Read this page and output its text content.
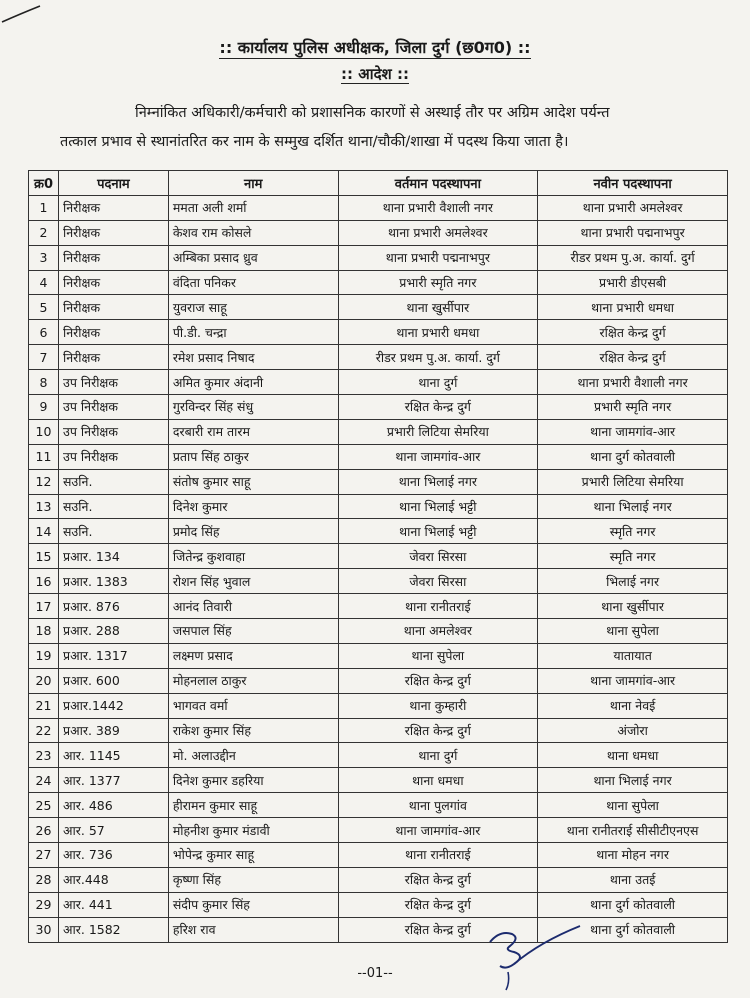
:: कार्यालय पुलिस अधीक्षक, जिला दुर्ग (छ0ग0) ::
:: आदेश ::
निम्नांकित अधिकारी/कर्मचारी को प्रशासनिक कारणों से अस्थाई तौर पर अग्रिम आदेश पर्यन्त
तत्काल प्रभाव से स्थानांतरित कर नाम के सम्मुख दर्शित थाना/चौकी/शाखा में पदस्थ किया जाता है।
क्र0	पदनाम	नाम	वर्तमान पदस्थापना	नवीन पदस्थापना
1	निरीक्षक	ममता अली शर्मा	थाना प्रभारी वैशाली नगर	थाना प्रभारी अमलेश्वर
2	निरीक्षक	केशव राम कोसले	थाना प्रभारी अमलेश्वर	थाना प्रभारी पद्मनाभपुर
3	निरीक्षक	अम्बिका प्रसाद ध्रुव	थाना प्रभारी पद्मनाभपुर	रीडर प्रथम पु.अ. कार्या. दुर्ग
4	निरीक्षक	वंदिता पनिकर	प्रभारी स्मृति नगर	प्रभारी डीएसबी
5	निरीक्षक	युवराज साहू	थाना खुर्सीपार	थाना प्रभारी धमधा
6	निरीक्षक	पी.डी. चन्द्रा	थाना प्रभारी धमधा	रक्षित केन्द्र दुर्ग
7	निरीक्षक	रमेश प्रसाद निषाद	रीडर प्रथम पु.अ. कार्या. दुर्ग	रक्षित केन्द्र दुर्ग
8	उप निरीक्षक	अमित कुमार अंदानी	थाना दुर्ग	थाना प्रभारी वैशाली नगर
9	उप निरीक्षक	गुरविन्दर सिंह संधु	रक्षित केन्द्र दुर्ग	प्रभारी स्मृति नगर
10	उप निरीक्षक	दरबारी राम तारम	प्रभारी लिटिया सेमरिया	थाना जामगांव-आर
11	उप निरीक्षक	प्रताप सिंह ठाकुर	थाना जामगांव-आर	थाना दुर्ग कोतवाली
12	सउनि.	संतोष कुमार साहू	थाना भिलाई नगर	प्रभारी लिटिया सेमरिया
13	सउनि.	दिनेश कुमार	थाना भिलाई भट्टी	थाना भिलाई नगर
14	सउनि.	प्रमोद सिंह	थाना भिलाई भट्टी	स्मृति नगर
15	प्रआर. 134	जितेन्द्र कुशवाहा	जेवरा सिरसा	स्मृति नगर
16	प्रआर. 1383	रोशन सिंह भुवाल	जेवरा सिरसा	भिलाई नगर
17	प्रआर. 876	आनंद तिवारी	थाना रानीतराई	थाना खुर्सीपार
18	प्रआर. 288	जसपाल सिंह	थाना अमलेश्वर	थाना सुपेला
19	प्रआर. 1317	लक्ष्मण प्रसाद	थाना सुपेला	यातायात
20	प्रआर. 600	मोहनलाल ठाकुर	रक्षित केन्द्र दुर्ग	थाना जामगांव-आर
21	प्रआर.1442	भागवत वर्मा	थाना कुम्हारी	थाना नेवई
22	प्रआर. 389	राकेश कुमार सिंह	रक्षित केन्द्र दुर्ग	अंजोरा
23	आर. 1145	मो. अलाउद्दीन	थाना दुर्ग	थाना धमधा
24	आर. 1377	दिनेश कुमार डहरिया	थाना धमधा	थाना भिलाई नगर
25	आर. 486	हीरामन कुमार साहू	थाना पुलगांव	थाना सुपेला
26	आर. 57	मोहनीश कुमार मंडावी	थाना जामगांव-आर	थाना रानीतराई सीसीटीएनएस
27	आर. 736	भोपेन्द्र कुमार साहू	थाना रानीतराई	थाना मोहन नगर
28	आर.448	कृष्णा सिंह	रक्षित केन्द्र दुर्ग	थाना उतई
29	आर. 441	संदीप कुमार सिंह	रक्षित केन्द्र दुर्ग	थाना दुर्ग कोतवाली
30	आर. 1582	हरिश राव	रक्षित केन्द्र दुर्ग	थाना दुर्ग कोतवाली
--01--
